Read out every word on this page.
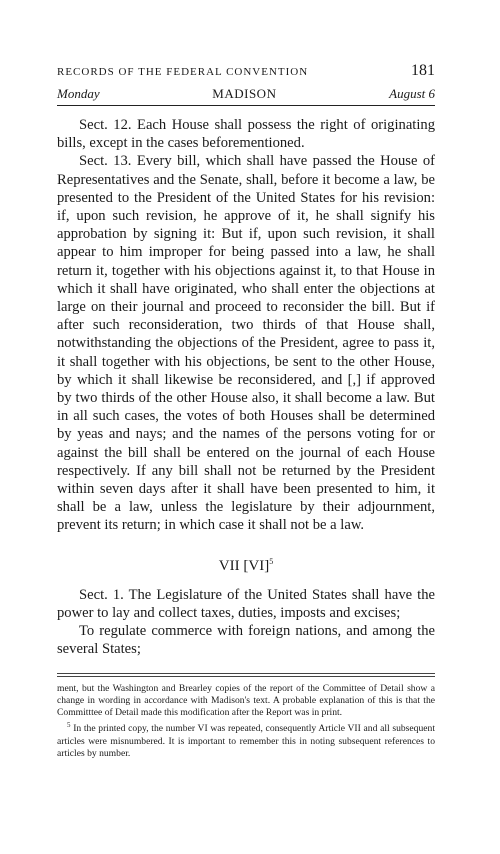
RECORDS OF THE FEDERAL CONVENTION	181
Monday	MADISON	August 6

Sect. 12. Each House shall possess the right of originating bills, except in the cases beforementioned.

Sect. 13. Every bill, which shall have passed the House of Representatives and the Senate, shall, before it become a law, be presented to the President of the United States for his revision: if, upon such revision, he approve of it, he shall signify his approbation by signing it: But if, upon such revision, it shall appear to him improper for being passed into a law, he shall return it, together with his objections against it, to that House in which it shall have originated, who shall enter the objections at large on their journal and proceed to reconsider the bill. But if after such reconsideration, two thirds of that House shall, notwithstanding the objections of the President, agree to pass it, it shall together with his objections, be sent to the other House, by which it shall likewise be reconsidered, and [,] if approved by two thirds of the other House also, it shall become a law. But in all such cases, the votes of both Houses shall be determined by yeas and nays; and the names of the persons voting for or against the bill shall be entered on the journal of each House respectively. If any bill shall not be returned by the President within seven days after it shall have been presented to him, it shall be a law, unless the legislature by their adjournment, prevent its return; in which case it shall not be a law.

VII [VI]$^5$

Sect. 1. The Legislature of the United States shall have the power to lay and collect taxes, duties, imposts and excises;

To regulate commerce with foreign nations, and among the several States;

ment, but the Washington and Brearley copies of the report of the Committee of Detail show a change in wording in accordance with Madison's text. A probable explanation of this is that the Committtee of Detail made this modification after the Report was in print.

$^5$ In the printed copy, the number VI was repeated, consequently Article VII and all subsequent articles were misnumbered. It is important to remember this in noting subsequent references to articles by number.
